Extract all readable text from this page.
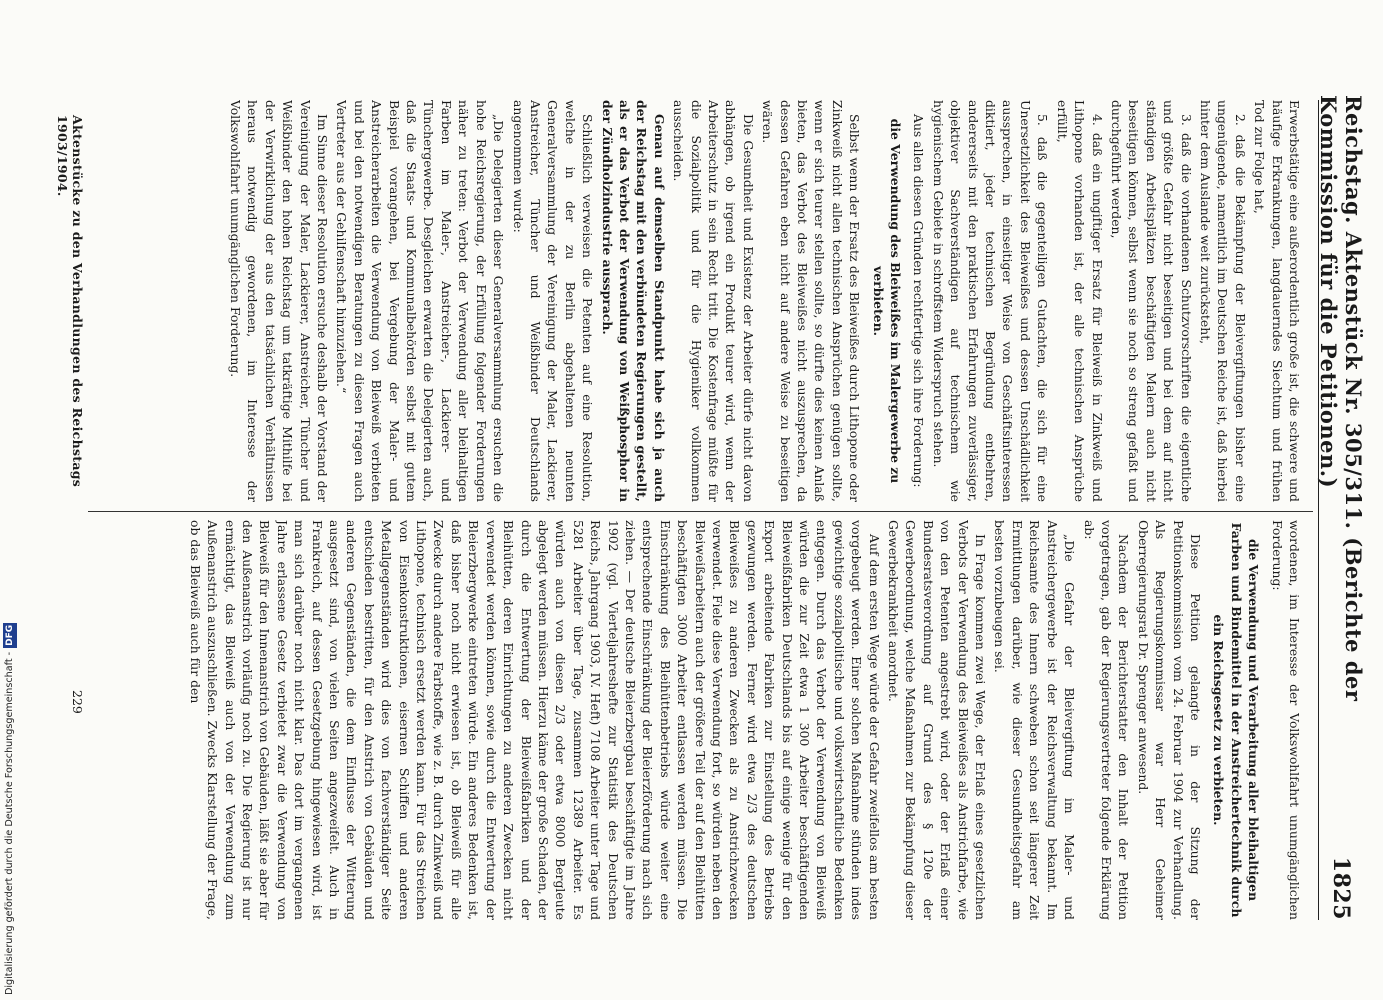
Reichstag. Aktenstück Nr. 305/311. (Berichte der Kommission für die Petitionen.)
1825

Erwerbstätige eine außerordentlich große ist, die schwere und häufige Erkrankungen, langdauerndes Siechtum und frühen Tod zur Folge hat,

2. daß die Bekämpfung der Bleivergiftungen bisher eine ungenügende, namentlich im Deutschen Reiche ist, daß hierbei hinter dem Auslande weit zurücksteht,

3. daß die vorhandenen Schutzvorschriften die eigentliche und größte Gefahr nicht beseitigen und bei dem auf nicht ständigen Arbeitsplätzen beschäftigten Malern auch nicht beseitigen können, selbst wenn sie noch so streng gefaßt und durchgeführt werden,

4. daß ein ungiftiger Ersatz für Bleiweiß in Zinkweiß und Lithopone vorhanden ist, der alle technischen Ansprüche erfüllt,

5. daß die gegenteiligen Gutachten, die sich für eine Unersetzlichkeit des Bleiweißes und dessen Unschädlichkeit aussprechen, in einseitiger Weise von Geschäftsinteressen diktiert, jeder technischen Begründung entbehren, andererseits mit den praktischen Erfahrungen zuverlässiger, objektiver Sachverständigen auf technischem wie hygienischem Gebiete in schroffstem Widerspruch stehen.

Aus allen diesen Gründen rechtfertige sich ihre Forderung:

die Verwendung des Bleiweißes im Malergewerbe zu verbieten.

Selbst wenn der Ersatz des Bleiweißes durch Lithopone oder Zinkweiß nicht allen technischen Ansprüchen genügen sollte, wenn er sich teurer stellen sollte, so dürfte dies keinen Anlaß bieten, das Verbot des Bleiweißes nicht auszusprechen, da dessen Gefahren eben nicht auf andere Weise zu beseitigen wären.

Die Gesundheit und Existenz der Arbeiter dürfe nicht davon abhängen, ob irgend ein Produkt teurer wird, wenn der Arbeiterschutz in sein Recht tritt. Die Kostenfrage müßte für die Sozialpolitik und für die Hygieniker vollkommen ausscheiden.

Genau auf demselben Standpunkt habe sich ja auch der Reichstag mit den verbündeten Regierungen gestellt, als er das Verbot der Verwendung von Weißphosphor in der Zündholzindustrie aussprach.

Schließlich verweisen die Petenten auf eine Resolution, welche in der zu Berlin abgehaltenen neunten Generalversammlung der Vereinigung der Maler, Lackierer, Anstreicher, Tüncher und Weißbinder Deutschlands angenommen wurde:

„Die Delegierten dieser Generalversammlung ersuchen die hohe Reichsregierung, der Erfüllung folgender Forderungen näher zu treten: Verbot der Verwendung aller bleihaltigen Farben im Maler-, Anstreicher-, Lackierer- und Tünchergewerbe. Desgleichen erwarten die Delegierten auch, daß die Staats- und Kommunalbehörden selbst mit gutem Beispiel vorangehen, bei Vergebung der Maler- und Anstreicherarbeiten die Verwendung von Bleiweiß verbieten und bei den notwendigen Beratungen zu diesen Fragen auch Vertreter aus der Gehilfenschaft hinzuziehen.“

Im Sinne dieser Resolution ersuche deshalb der Vorstand der Vereinigung der Maler, Lackierer, Anstreicher, Tüncher und Weißbinder den hohen Reichstag um tatkräftige Mithilfe bei der Verwirklichung der aus den tatsächlichen Verhältnissen heraus notwendig gewordenen, im Interesse der Volkswohlfahrt unumgänglichen Forderung.

wordenen, im Interesse der Volkswohlfahrt unumgänglichen Forderung:

die Verwendung und Verarbeitung aller bleihaltigen Farben und Bindemittel in der Anstreichertechnik durch ein Reichsgesetz zu verbieten.

Diese Petition gelangte in der Sitzung der Petitionskommission vom 24. Februar 1904 zur Verhandlung. Als Regierungskommissar war Herr Geheimer Oberregierungsrat Dr. Sprenger anwesend.

Nachdem der Berichterstatter den Inhalt der Petition vorgetragen, gab der Regierungsvertreter folgende Erklärung ab:

„Die Gefahr der Bleivergiftung im Maler- und Anstreichergewerbe ist der Reichsverwaltung bekannt. Im Reichsamte des Innern schweben schon seit längerer Zeit Ermittlungen darüber, wie dieser Gesundheitsgefahr am besten vorzubeugen sei.

In Frage kommen zwei Wege, der Erlaß eines gesetzlichen Verbots der Verwendung des Bleiweißes als Anstrichfarbe, wie von den Petenten angestrebt wird, oder der Erlaß einer Bundesratsverordnung auf Grund des § 120e der Gewerbeordnung, welche Maßnahmen zur Bekämpfung dieser Gewerbekrankheit anordnet.

Auf dem ersten Wege würde der Gefahr zweifellos am besten vorgebeugt werden. Einer solchen Maßnahme stünden indes gewichtige sozialpolitische und volkswirtschaftliche Bedenken entgegen. Durch das Verbot der Verwendung von Bleiweiß würden die zur Zeit etwa 1 300 Arbeiter beschäftigenden Bleiweißfabriken Deutschlands bis auf einige wenige für den Export arbeitende Fabriken zur Einstellung des Betriebs gezwungen werden. Ferner wird etwa 2/3 des deutschen Bleiweißes zu anderen Zwecken als zu Anstrichzwecken verwendet. Fiele diese Verwendung fort, so würden neben den Bleiweißarbeitern auch der größere Teil der auf den Bleihütten beschäftigten 3000 Arbeiter entlassen werden müssen. Die Einschränkung des Bleihüttenbetriebs würde weiter eine entsprechende Einschränkung der Bleierzförderung nach sich ziehen. — Der deutsche Bleierzbergbau beschäftigte im Jahre 1902 (vgl. Vierteljahreshefte zur Statistik des Deutschen Reichs, Jahrgang 1903, IV. Heft) 7108 Arbeiter unter Tage und 5281 Arbeiter über Tage, zusammen 12389 Arbeiter. Es würden auch von diesen 2/3 oder etwa 8000 Bergleute abgelegt werden müssen. Hierzu käme der große Schaden, der durch die Entwertung der Bleiweißfabriken und der Bleihütten, deren Einrichtungen zu anderen Zwecken nicht verwendet werden können, sowie durch die Entwertung der Bleierzbergwerke eintreten würde. Ein anderes Bedenken ist, daß bisher noch nicht erwiesen ist, ob Bleiweiß für alle Zwecke durch andere Farbstoffe, wie z. B. durch Zinkweiß und Lithopone, technisch ersetzt werden kann. Für das Streichen von Eisenkonstruktionen, eisernen Schiffen und anderen Metallgegenständen wird dies von fachverständiger Seite entschieden bestritten, für den Anstrich von Gebäuden und anderen Gegenständen, die dem Einflusse der Witterung ausgesetzt sind, von vielen Seiten angezweifelt. Auch in Frankreich, auf dessen Gesetzgebung hingewiesen wird, ist man sich darüber noch nicht klar. Das dort im vergangenen Jahre erlassene Gesetz verbietet zwar die Verwendung von Bleiweiß für den Innenanstrich von Gebäuden, läßt sie aber für den Außenanstrich vorläufig noch zu. Die Regierung ist nur ermächtigt, das Bleiweiß auch von der Verwendung zum Außenanstrich auszuschließen. Zwecks Klarstellung der Frage, ob das Bleiweiß auch für den

Aktenstücke zu den Verhandlungen des Reichstags 1903/1904.
229
Digitalisierung gefördert durch die Deutsche Forschungsgemeinschaft -DFG
